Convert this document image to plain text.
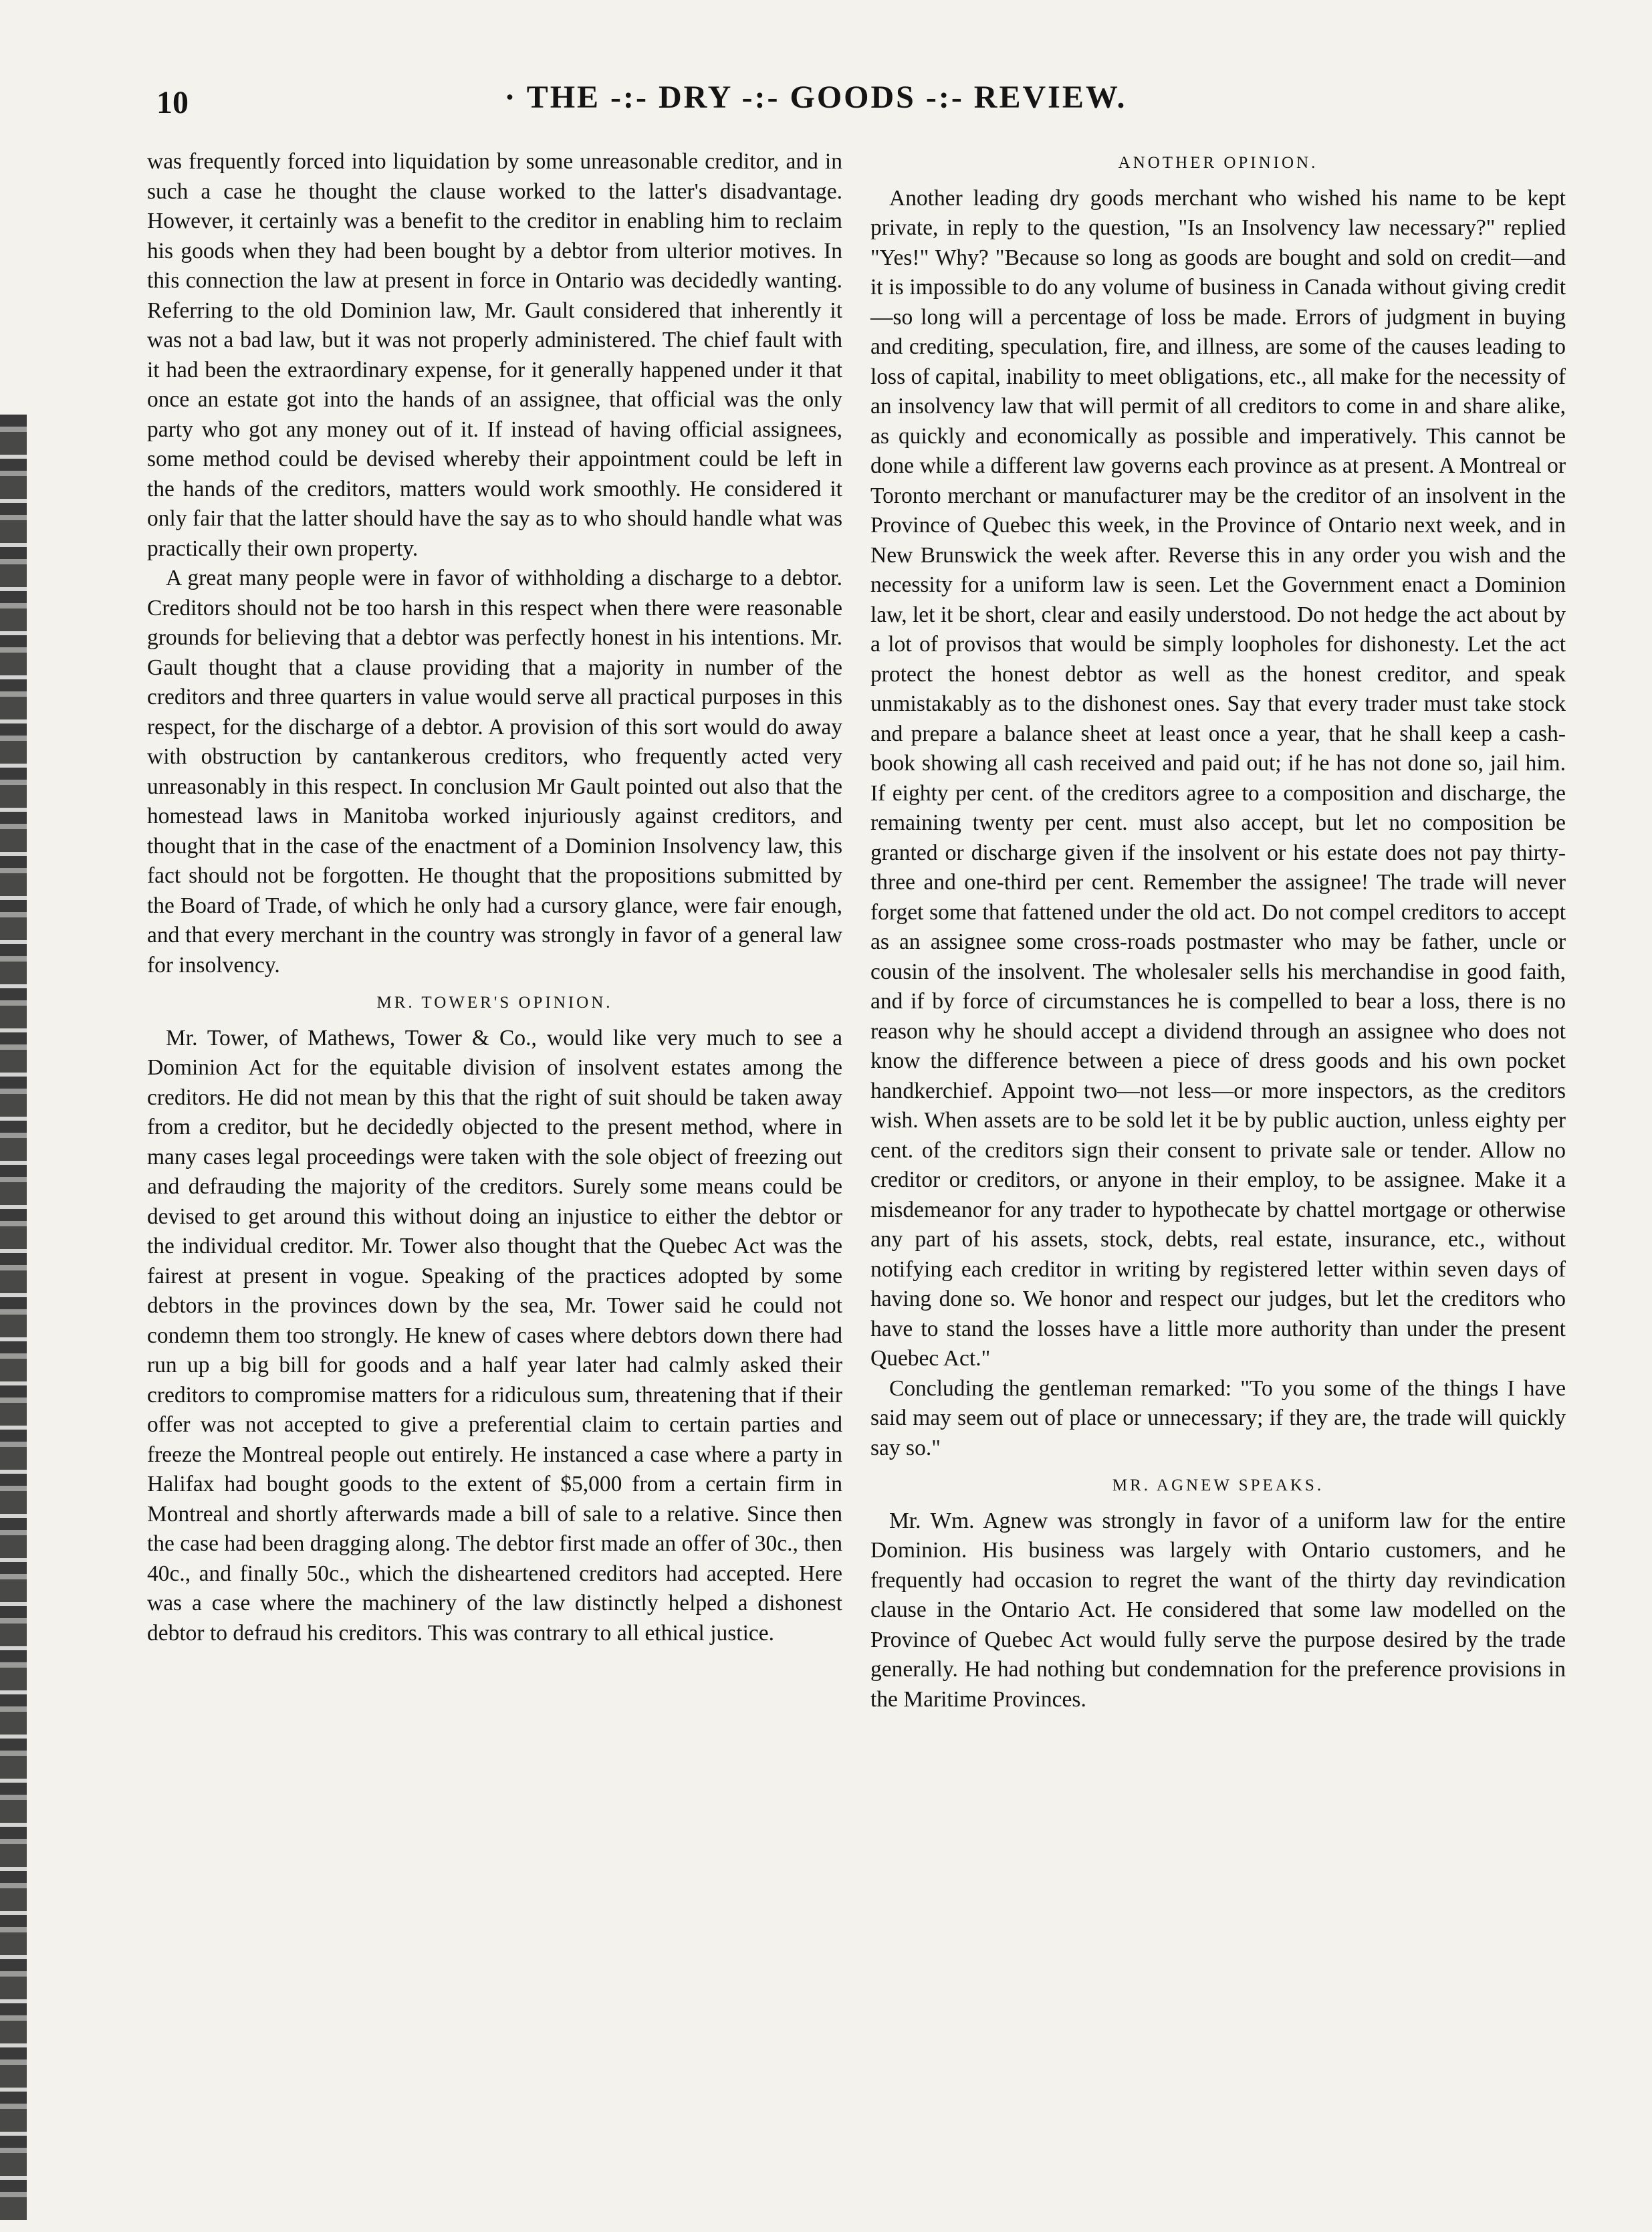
10	· THE -:- DRY -:- GOODS -:- REVIEW.

was frequently forced into liquidation by some unreasonable creditor, and in such a case he thought the clause worked to the latter's disadvantage. However, it certainly was a benefit to the creditor in enabling him to reclaim his goods when they had been bought by a debtor from ulterior motives. In this connection the law at present in force in Ontario was decidedly wanting. Referring to the old Dominion law, Mr. Gault considered that inherently it was not a bad law, but it was not properly administered. The chief fault with it had been the extraordinary expense, for it generally happened under it that once an estate got into the hands of an assignee, that official was the only party who got any money out of it. If instead of having official assignees, some method could be devised whereby their appointment could be left in the hands of the creditors, matters would work smoothly. He considered it only fair that the latter should have the say as to who should handle what was practically their own property.

A great many people were in favor of withholding a discharge to a debtor. Creditors should not be too harsh in this respect when there were reasonable grounds for believing that a debtor was perfectly honest in his intentions. Mr. Gault thought that a clause providing that a majority in number of the creditors and three quarters in value would serve all practical purposes in this respect, for the discharge of a debtor. A provision of this sort would do away with obstruction by cantankerous creditors, who frequently acted very unreasonably in this respect. In conclusion Mr Gault pointed out also that the homestead laws in Manitoba worked injuriously against creditors, and thought that in the case of the enactment of a Dominion Insolvency law, this fact should not be forgotten. He thought that the propositions submitted by the Board of Trade, of which he only had a cursory glance, were fair enough, and that every merchant in the country was strongly in favor of a general law for insolvency.

MR. TOWER'S OPINION.

Mr. Tower, of Mathews, Tower & Co., would like very much to see a Dominion Act for the equitable division of insolvent estates among the creditors. He did not mean by this that the right of suit should be taken away from a creditor, but he decidedly objected to the present method, where in many cases legal proceedings were taken with the sole object of freezing out and defrauding the majority of the creditors. Surely some means could be devised to get around this without doing an injustice to either the debtor or the individual creditor. Mr. Tower also thought that the Quebec Act was the fairest at present in vogue. Speaking of the practices adopted by some debtors in the provinces down by the sea, Mr. Tower said he could not condemn them too strongly. He knew of cases where debtors down there had run up a big bill for goods and a half year later had calmly asked their creditors to compromise matters for a ridiculous sum, threatening that if their offer was not accepted to give a preferential claim to certain parties and freeze the Montreal people out entirely. He instanced a case where a party in Halifax had bought goods to the extent of $5,000 from a certain firm in Montreal and shortly afterwards made a bill of sale to a relative. Since then the case had been dragging along. The debtor first made an offer of 30c., then 40c., and finally 50c., which the disheartened creditors had accepted. Here was a case where the machinery of the law distinctly helped a dishonest debtor to defraud his creditors. This was contrary to all ethical justice.

ANOTHER OPINION.

Another leading dry goods merchant who wished his name to be kept private, in reply to the question, "Is an Insolvency law necessary?" replied "Yes!" Why? "Because so long as goods are bought and sold on credit—and it is impossible to do any volume of business in Canada without giving credit—so long will a percentage of loss be made. Errors of judgment in buying and crediting, speculation, fire, and illness, are some of the causes leading to loss of capital, inability to meet obligations, etc., all make for the necessity of an insolvency law that will permit of all creditors to come in and share alike, as quickly and economically as possible and imperatively. This cannot be done while a different law governs each province as at present. A Montreal or Toronto merchant or manufacturer may be the creditor of an insolvent in the Province of Quebec this week, in the Province of Ontario next week, and in New Brunswick the week after. Reverse this in any order you wish and the necessity for a uniform law is seen. Let the Government enact a Dominion law, let it be short, clear and easily understood. Do not hedge the act about by a lot of provisos that would be simply loopholes for dishonesty. Let the act protect the honest debtor as well as the honest creditor, and speak unmistakably as to the dishonest ones. Say that every trader must take stock and prepare a balance sheet at least once a year, that he shall keep a cash-book showing all cash received and paid out; if he has not done so, jail him. If eighty per cent. of the creditors agree to a composition and discharge, the remaining twenty per cent. must also accept, but let no composition be granted or discharge given if the insolvent or his estate does not pay thirty-three and one-third per cent. Remember the assignee! The trade will never forget some that fattened under the old act. Do not compel creditors to accept as an assignee some cross-roads postmaster who may be father, uncle or cousin of the insolvent. The wholesaler sells his merchandise in good faith, and if by force of circumstances he is compelled to bear a loss, there is no reason why he should accept a dividend through an assignee who does not know the difference between a piece of dress goods and his own pocket handkerchief. Appoint two—not less—or more inspectors, as the creditors wish. When assets are to be sold let it be by public auction, unless eighty per cent. of the creditors sign their consent to private sale or tender. Allow no creditor or creditors, or anyone in their employ, to be assignee. Make it a misdemeanor for any trader to hypothecate by chattel mortgage or otherwise any part of his assets, stock, debts, real estate, insurance, etc., without notifying each creditor in writing by registered letter within seven days of having done so. We honor and respect our judges, but let the creditors who have to stand the losses have a little more authority than under the present Quebec Act."

Concluding the gentleman remarked: "To you some of the things I have said may seem out of place or unnecessary; if they are, the trade will quickly say so."

MR. AGNEW SPEAKS.

Mr. Wm. Agnew was strongly in favor of a uniform law for the entire Dominion. His business was largely with Ontario customers, and he frequently had occasion to regret the want of the thirty day revindication clause in the Ontario Act. He considered that some law modelled on the Province of Quebec Act would fully serve the purpose desired by the trade generally. He had nothing but condemnation for the preference provisions in the Maritime Provinces.
